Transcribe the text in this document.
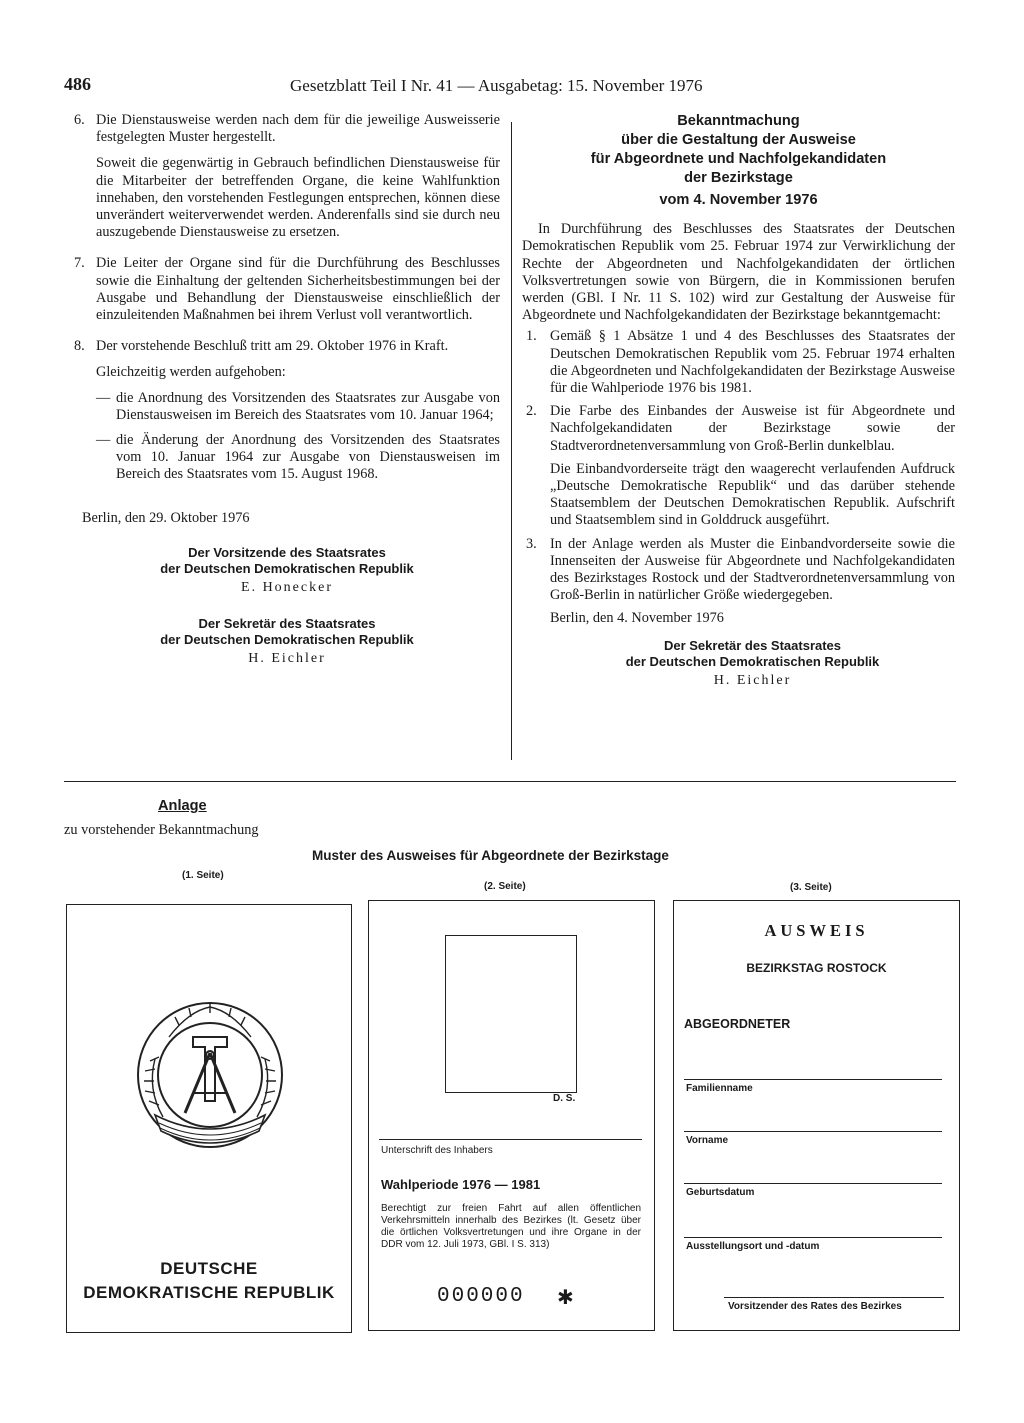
486	Gesetzblatt Teil I Nr. 41 — Ausgabetag: 15. November 1976
6. Die Dienstausweise werden nach dem für die jeweilige Ausweisserie festgelegten Muster hergestellt.
Soweit die gegenwärtig in Gebrauch befindlichen Dienstausweise für die Mitarbeiter der betreffenden Organe, die keine Wahlfunktion innehaben, den vorstehenden Festlegungen entsprechen, können diese unverändert weiterverwendet werden. Anderenfalls sind sie durch neu auszugebende Dienstausweise zu ersetzen.
7. Die Leiter der Organe sind für die Durchführung des Beschlusses sowie die Einhaltung der geltenden Sicherheitsbestimmungen bei der Ausgabe und Behandlung der Dienstausweise einschließlich der einzuleitenden Maßnahmen bei ihrem Verlust voll verantwortlich.
8. Der vorstehende Beschluß tritt am 29. Oktober 1976 in Kraft.
Gleichzeitig werden aufgehoben:
— die Anordnung des Vorsitzenden des Staatsrates zur Ausgabe von Dienstausweisen im Bereich des Staatsrates vom 10. Januar 1964;
— die Änderung der Anordnung des Vorsitzenden des Staatsrates vom 10. Januar 1964 zur Ausgabe von Dienstausweisen im Bereich des Staatsrates vom 15. August 1968.
Berlin, den 29. Oktober 1976
Der Vorsitzende des Staatsrates
der Deutschen Demokratischen Republik
E. Honecker
Der Sekretär des Staatsrates
der Deutschen Demokratischen Republik
H. Eichler
Bekanntmachung
über die Gestaltung der Ausweise
für Abgeordnete und Nachfolgekandidaten
der Bezirkstage
vom 4. November 1976
In Durchführung des Beschlusses des Staatsrates der Deutschen Demokratischen Republik vom 25. Februar 1974 zur Verwirklichung der Rechte der Abgeordneten und Nachfolgekandidaten der örtlichen Volksvertretungen sowie von Bürgern, die in Kommissionen berufen werden (GBl. I Nr. 11 S. 102) wird zur Gestaltung der Ausweise für Abgeordnete und Nachfolgekandidaten der Bezirkstage bekanntgemacht:
1. Gemäß § 1 Absätze 1 und 4 des Beschlusses des Staatsrates der Deutschen Demokratischen Republik vom 25. Februar 1974 erhalten die Abgeordneten und Nachfolgekandidaten der Bezirkstage Ausweise für die Wahlperiode 1976 bis 1981.
2. Die Farbe des Einbandes der Ausweise ist für Abgeordnete und Nachfolgekandidaten der Bezirkstage sowie der Stadtverordnetenversammlung von Groß-Berlin dunkelblau.
Die Einbandvorderseite trägt den waagerecht verlaufenden Aufdruck „Deutsche Demokratische Republik“ und das darüber stehende Staatsemblem der Deutschen Demokratischen Republik. Aufschrift und Staatsemblem sind in Golddruck ausgeführt.
3. In der Anlage werden als Muster die Einbandvorderseite sowie die Innenseiten der Ausweise für Abgeordnete und Nachfolgekandidaten des Bezirkstages Rostock und der Stadtverordnetenversammlung von Groß-Berlin in natürlicher Größe wiedergegeben.
Berlin, den 4. November 1976
Der Sekretär des Staatsrates
der Deutschen Demokratischen Republik
H. Eichler
Anlage
zu vorstehender Bekanntmachung
Muster des Ausweises für Abgeordnete der Bezirkstage
(1. Seite)
(2. Seite)	(3. Seite)
DEUTSCHE
DEMOKRATISCHE REPUBLIK
D. S.
Unterschrift des Inhabers
Wahlperiode 1976 — 1981
Berechtigt zur freien Fahrt auf allen öffentlichen Verkehrsmitteln innerhalb des Bezirkes (lt. Gesetz über die örtlichen Volksvertretungen und ihre Organe in der DDR vom 12. Juli 1973, GBl. I S. 313)
000000 ✱
AUSWEIS
BEZIRKSTAG ROSTOCK
ABGEORDNETER
Familienname
Vorname
Geburtsdatum
Ausstellungsort und -datum
Vorsitzender des Rates des Bezirkes
